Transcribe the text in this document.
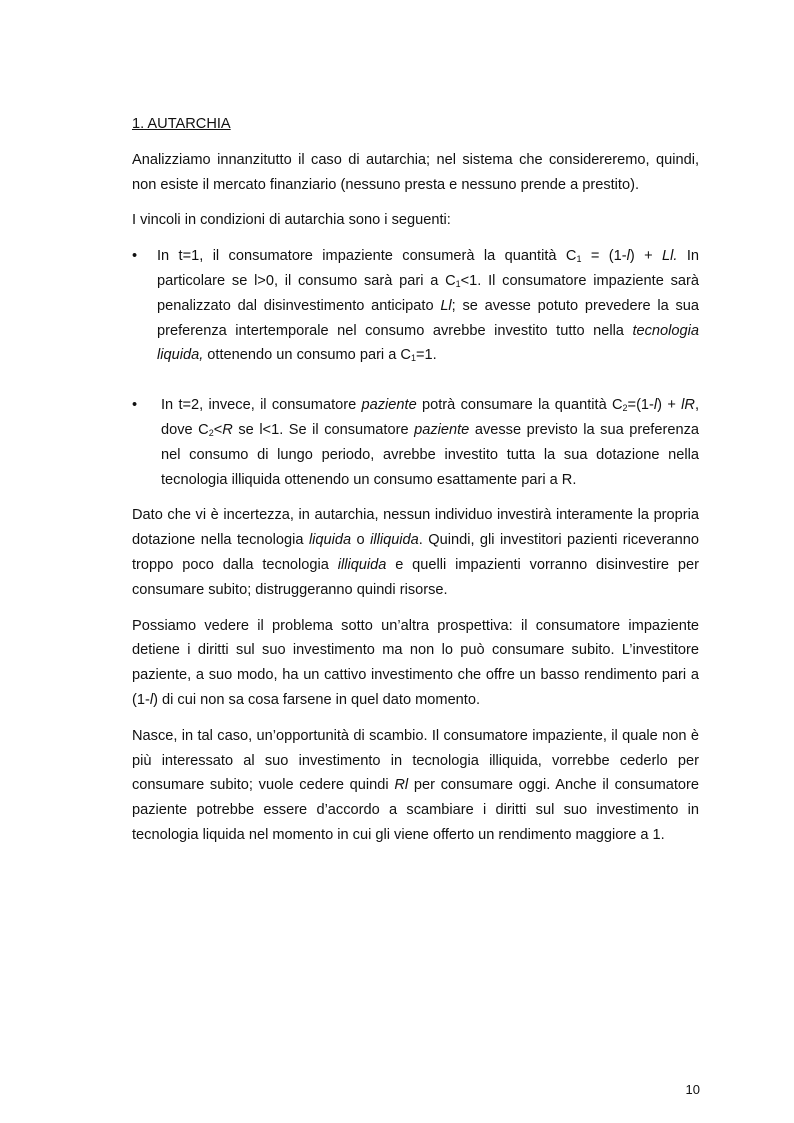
1. AUTARCHIA

Analizziamo innanzitutto il caso di autarchia; nel sistema che considereremo, quindi, non esiste il mercato finanziario (nessuno presta e nessuno prende a prestito).

I vincoli in condizioni di autarchia sono i seguenti:

• In t=1, il consumatore impaziente consumerà la quantità $C_1 = (1-l) + Ll$. In particolare se l>0, il consumo sarà pari a $C_1<1$. Il consumatore impaziente sarà penalizzato dal disinvestimento anticipato Ll; se avesse potuto prevedere la sua preferenza intertemporale nel consumo avrebbe investito tutto nella tecnologia liquida, ottenendo un consumo pari a $C_1=1$.
• In t=2, invece, il consumatore paziente potrà consumare la quantità $C_2=(1-l)$ + lR, dove $C_2<R$ se l<1. Se il consumatore paziente avesse previsto la sua preferenza nel consumo di lungo periodo, avrebbe investito tutta la sua dotazione nella tecnologia illiquida ottenendo un consumo esattamente pari a R.

Dato che vi è incertezza, in autarchia, nessun individuo investirà interamente la propria dotazione nella tecnologia liquida o illiquida. Quindi, gli investitori pazienti riceveranno troppo poco dalla tecnologia illiquida e quelli impazienti vorranno disinvestire per consumare subito; distruggeranno quindi risorse.

Possiamo vedere il problema sotto un’altra prospettiva: il consumatore impaziente detiene i diritti sul suo investimento ma non lo può consumare subito. L’investitore paziente, a suo modo, ha un cattivo investimento che offre un basso rendimento pari a (1-l) di cui non sa cosa farsene in quel dato momento.

Nasce, in tal caso, un’opportunità di scambio. Il consumatore impaziente, il quale non è più interessato al suo investimento in tecnologia illiquida, vorrebbe cederlo per consumare subito; vuole cedere quindi Rl per consumare oggi. Anche il consumatore paziente potrebbe essere d’accordo a scambiare i diritti sul suo investimento in tecnologia liquida nel momento in cui gli viene offerto un rendimento maggiore a 1.

10
